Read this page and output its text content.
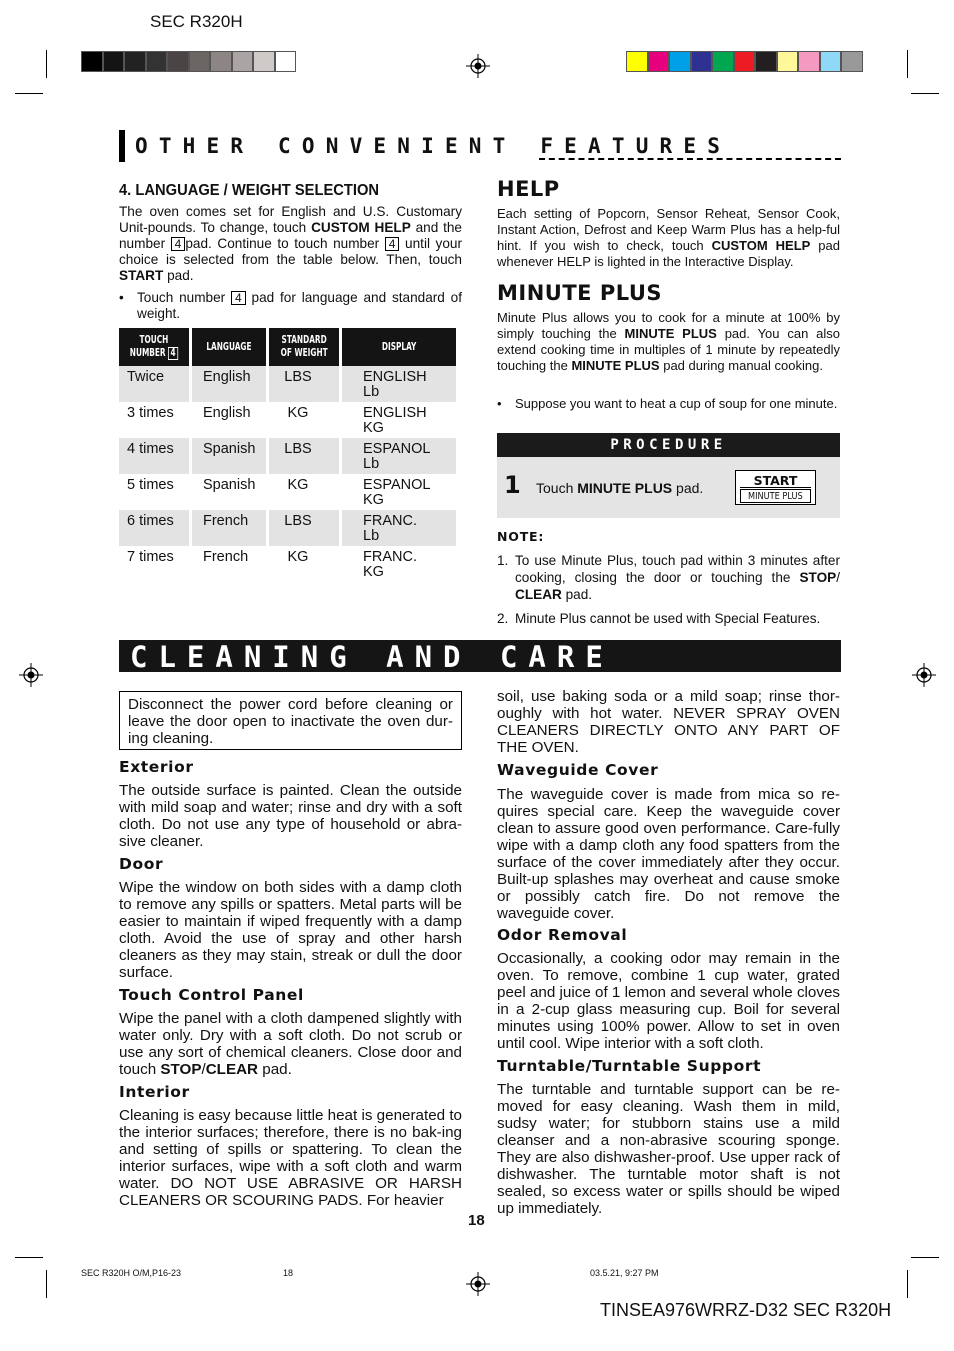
SEC R320H
OTHER CONVENIENT FEATURES
4. LANGUAGE / WEIGHT SELECTION
The oven comes set for English and U.S. Customary Unit-pounds. To change, touch CUSTOM HELP and the number 4 pad. Continue to touch number 4 until your choice is selected from the table below. Then, touch START pad.
• Touch number 4 pad for language and standard of weight.
TOUCH
NUMBER 4	LANGUAGE	STANDARD
OF WEIGHT	DISPLAY
Twice	English	LBS	ENGLISH
Lb

3 times	English	KG	ENGLISH
KG

4 times	Spanish	LBS	ESPANOL
Lb

5 times	Spanish	KG	ESPANOL
KG

6 times	French	LBS	FRANC.
Lb

7 times	French	KG	FRANC.
KG
HELP
Each setting of Popcorn, Sensor Reheat, Sensor Cook, Instant Action, Defrost and Keep Warm Plus has a help-ful hint. If you wish to check, touch CUSTOM HELP pad whenever HELP is lighted in the Interactive Display.
MINUTE PLUS
Minute Plus allows you to cook for a minute at 100% by simply touching the MINUTE PLUS pad. You can also extend cooking time in multiples of 1 minute by repeatedly touching the MINUTE PLUS pad during manual cooking.
•	Suppose you want to heat a cup of soup for one minute.
PROCEDURE
1 Touch MINUTE PLUS pad.	START
MINUTE PLUS
NOTE:
1. To use Minute Plus, touch pad within 3 minutes after cooking, closing the door or touching the STOP/ CLEAR pad.
2. Minute Plus cannot be used with Special Features.
CLEANING AND CARE
Disconnect the power cord before cleaning or leave the door open to inactivate the oven dur-ing cleaning.
Exterior
The outside surface is painted. Clean the outside with mild soap and water; rinse and dry with a soft cloth. Do not use any type of household or abra-sive cleaner.
Door
Wipe the window on both sides with a damp cloth to remove any spills or spatters. Metal parts will be easier to maintain if wiped frequently with a damp cloth. Avoid the use of spray and other harsh cleaners as they may stain, streak or dull the door surface.
Touch Control Panel
Wipe the panel with a cloth dampened slightly with water only. Dry with a soft cloth. Do not scrub or use any sort of chemical cleaners. Close door and touch STOP/CLEAR pad.
Interior
Cleaning is easy because little heat is generated to the interior surfaces; therefore, there is no bak-ing and setting of spills or spattering. To clean the interior surfaces, wipe with a soft cloth and warm water. DO NOT USE ABRASIVE OR HARSH CLEANERS OR SCOURING PADS. For heavier
soil, use baking soda or a mild soap; rinse thor-oughly with hot water. NEVER SPRAY OVEN CLEANERS DIRECTLY ONTO ANY PART OF THE OVEN.
Waveguide Cover
The waveguide cover is made from mica so re-quires special care. Keep the waveguide cover clean to assure good oven performance. Care-fully wipe with a damp cloth any food spatters from the surface of the cover immediately after they occur. Built-up splashes may overheat and cause smoke or possibly catch fire. Do not remove the waveguide cover.
Odor Removal
Occasionally, a cooking odor may remain in the oven. To remove, combine 1 cup water, grated peel and juice of 1 lemon and several whole cloves in a 2-cup glass measuring cup. Boil for several minutes using 100% power. Allow to set in oven until cool. Wipe interior with a soft cloth.
Turntable/Turntable Support
The turntable and turntable support can be re-moved for easy cleaning. Wash them in mild, sudsy water; for stubborn stains use a mild cleanser and a non-abrasive scouring sponge. They are also dishwasher-proof. Use upper rack of dishwasher. The turntable motor shaft is not sealed, so excess water or spills should be wiped up immediately.
18
SEC R320H O/M,P16-23	18	03.5.21, 9:27 PM
TINSEA976WRRZ-D32 SEC R320H
